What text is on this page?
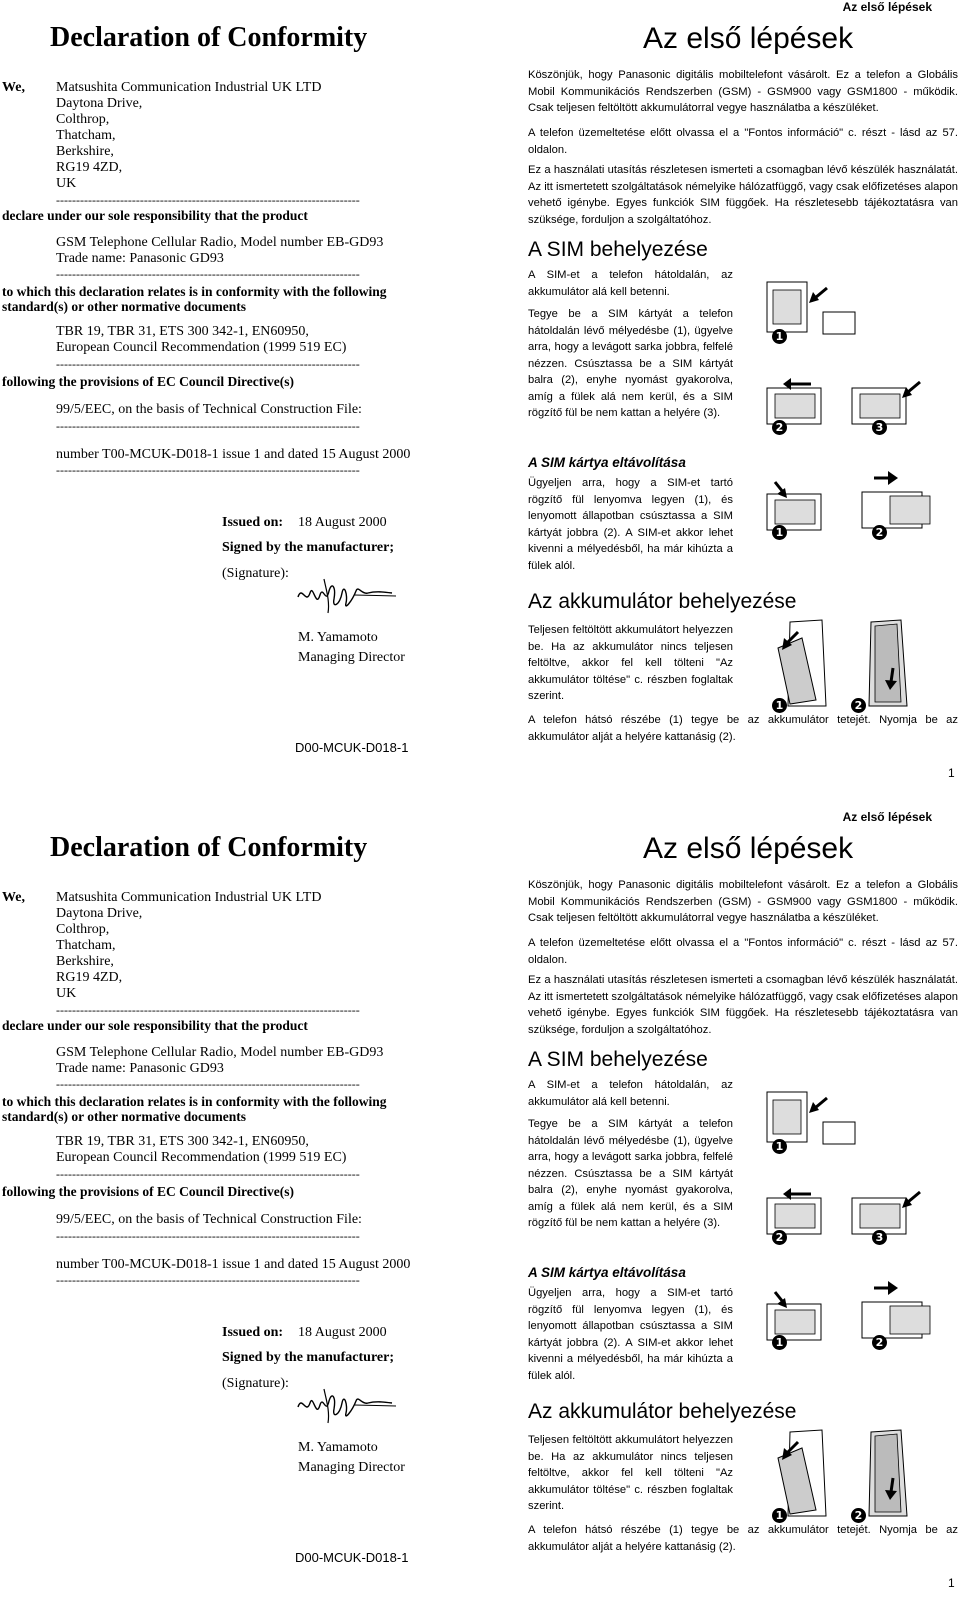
Declaration of Conformity
We, Matsushita Communication Industrial UK LTD
Daytona Drive,
Colthrop,
Thatcham,
Berkshire,
RG19 4ZD,
UK
----------------------------------------------------------------------------
declare under our sole responsibility that the product
GSM Telephone Cellular Radio, Model number EB-GD93
Trade name: Panasonic GD93
----------------------------------------------------------------------------
to which this declaration relates is in conformity with the following
standard(s) or other normative documents
TBR 19, TBR 31, ETS 300 342-1, EN60950,
European Council Recommendation (1999 519 EC)
----------------------------------------------------------------------------
following the provisions of EC Council Directive(s)
99/5/EEC, on the basis of Technical Construction File:
----------------------------------------------------------------------------
number T00-MCUK-D018-1 issue 1 and dated 15 August 2000
----------------------------------------------------------------------------
Issued on: 18 August 2000
Signed by the manufacturer;
(Signature):
M. Yamamoto
Managing Director
D00-MCUK-D018-1
Az első lépések
Az első lépések
Köszönjük, hogy Panasonic digitális mobiltelefont vásárolt. Ez a telefon a Globális Mobil Kommunikációs Rendszerben (GSM) - GSM900 vagy GSM1800 - működik. Csak teljesen feltöltött akkumulátorral vegye használatba a készüléket.
A telefon üzemeltetése előtt olvassa el a "Fontos információ" c. részt - lásd az 57. oldalon.
Ez a használati utasítás részletesen ismerteti a csomagban lévő készülék használatát. Az itt ismertetett szolgáltatások némelyike hálózatfüggő, vagy csak előfizetéses alapon vehető igénybe. Egyes funkciók SIM függőek. Ha részletesebb tájékoztatásra van szüksége, forduljon a szolgáltatóhoz.
A SIM behelyezése
A SIM-et a telefon hátoldalán, az akkumulátor alá kell betenni.
Tegye be a SIM kártyát a telefon hátoldalán lévő mélyedésbe (1), ügyelve arra, hogy a levágott sarka jobbra, felfelé nézzen. Csúsztassa be a SIM kártyát balra (2), enyhe nyomást gyakorolva, amíg a fülek alá nem kerül, és a SIM rögzítő fül be nem kattan a helyére (3).
A SIM kártya eltávolítása
Ügyeljen arra, hogy a SIM-et tartó rögzítő fül lenyomva legyen (1), és lenyomott állapotban csúsztassa a SIM kártyát jobbra (2). A SIM-et akkor lehet kivenni a mélyedésből, ha már kihúzta a fülek alól.
Az akkumulátor behelyezése
Teljesen feltöltött akkumulátort helyezzen be. Ha az akkumulátor nincs teljesen feltöltve, akkor fel kell tölteni "Az akkumulátor töltése" c. részben foglaltak szerint.
A telefon hátsó részébe (1) tegye be az akkumulátor tetejét. Nyomja be az akkumulátor alját a helyére kattanásig (2).
1
1
2	3
1	2
1	2
Declaration of Conformity
We, Matsushita Communication Industrial UK LTD
Daytona Drive,
Colthrop,
Thatcham,
Berkshire,
RG19 4ZD,
UK
----------------------------------------------------------------------------
declare under our sole responsibility that the product
GSM Telephone Cellular Radio, Model number EB-GD93
Trade name: Panasonic GD93
----------------------------------------------------------------------------
to which this declaration relates is in conformity with the following
standard(s) or other normative documents
TBR 19, TBR 31, ETS 300 342-1, EN60950,
European Council Recommendation (1999 519 EC)
----------------------------------------------------------------------------
following the provisions of EC Council Directive(s)
99/5/EEC, on the basis of Technical Construction File:
----------------------------------------------------------------------------
number T00-MCUK-D018-1 issue 1 and dated 15 August 2000
----------------------------------------------------------------------------
Issued on: 18 August 2000
Signed by the manufacturer;
(Signature):
M. Yamamoto
Managing Director
D00-MCUK-D018-1
Az első lépések
Az első lépések
Köszönjük, hogy Panasonic digitális mobiltelefont vásárolt. Ez a telefon a Globális Mobil Kommunikációs Rendszerben (GSM) - GSM900 vagy GSM1800 - működik. Csak teljesen feltöltött akkumulátorral vegye használatba a készüléket.
A telefon üzemeltetése előtt olvassa el a "Fontos információ" c. részt - lásd az 57. oldalon.
Ez a használati utasítás részletesen ismerteti a csomagban lévő készülék használatát. Az itt ismertetett szolgáltatások némelyike hálózatfüggő, vagy csak előfizetéses alapon vehető igénybe. Egyes funkciók SIM függőek. Ha részletesebb tájékoztatásra van szüksége, forduljon a szolgáltatóhoz.
A SIM behelyezése
A SIM-et a telefon hátoldalán, az akkumulátor alá kell betenni.
Tegye be a SIM kártyát a telefon hátoldalán lévő mélyedésbe (1), ügyelve arra, hogy a levágott sarka jobbra, felfelé nézzen. Csúsztassa be a SIM kártyát balra (2), enyhe nyomást gyakorolva, amíg a fülek alá nem kerül, és a SIM rögzítő fül be nem kattan a helyére (3).
A SIM kártya eltávolítása
Ügyeljen arra, hogy a SIM-et tartó rögzítő fül lenyomva legyen (1), és lenyomott állapotban csúsztassa a SIM kártyát jobbra (2). A SIM-et akkor lehet kivenni a mélyedésből, ha már kihúzta a fülek alól.
Az akkumulátor behelyezése
Teljesen feltöltött akkumulátort helyezzen be. Ha az akkumulátor nincs teljesen feltöltve, akkor fel kell tölteni "Az akkumulátor töltése" c. részben foglaltak szerint.
A telefon hátsó részébe (1) tegye be az akkumulátor tetejét. Nyomja be az akkumulátor alját a helyére kattanásig (2).
1
1
2	3
1	2
1	2
